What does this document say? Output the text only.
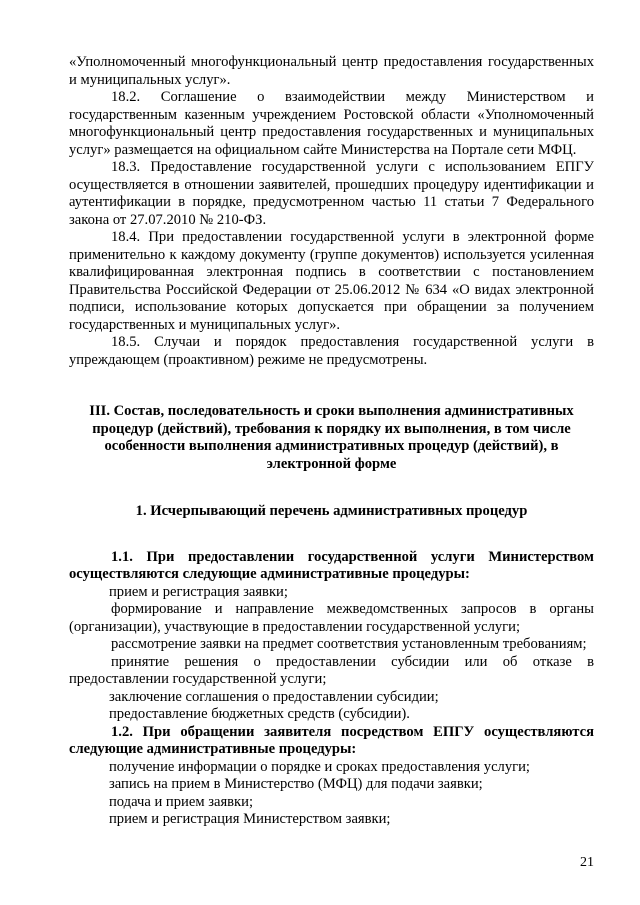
«Уполномоченный многофункциональный центр предоставления государственных и муниципальных услуг».

18.2. Соглашение о взаимодействии между Министерством и государственным казенным учреждением Ростовской области «Уполномоченный многофункциональный центр предоставления государственных и муниципальных услуг» размещается на официальном сайте Министерства на Портале сети МФЦ.

18.3. Предоставление государственной услуги с использованием ЕПГУ осуществляется в отношении заявителей, прошедших процедуру идентификации и аутентификации в порядке, предусмотренном частью 11 статьи 7 Федерального закона от 27.07.2010 № 210-ФЗ.

18.4. При предоставлении государственной услуги в электронной форме применительно к каждому документу (группе документов) используется усиленная квалифицированная электронная подпись в соответствии с постановлением Правительства Российской Федерации от 25.06.2012 № 634 «О видах электронной подписи, использование которых допускается при обращении за получением государственных и муниципальных услуг».

18.5. Случаи и порядок предоставления государственной услуги в упреждающем (проактивном) режиме не предусмотрены.

III. Состав, последовательность и сроки выполнения административных процедур (действий), требования к порядку их выполнения, в том числе особенности выполнения административных процедур (действий), в электронной форме
1. Исчерпывающий перечень административных процедур

1.1. При предоставлении государственной услуги Министерством осуществляются следующие административные процедуры:

прием и регистрация заявки;

формирование и направление межведомственных запросов в органы (организации), участвующие в предоставлении государственной услуги;

рассмотрение заявки на предмет соответствия установленным требованиям;

принятие решения о предоставлении субсидии или об отказе в предоставлении государственной услуги;

заключение соглашения о предоставлении субсидии;

предоставление бюджетных средств (субсидии).

1.2. При обращении заявителя посредством ЕПГУ осуществляются следующие административные процедуры:

получение информации о порядке и сроках предоставления услуги;

запись на прием в Министерство (МФЦ) для подачи заявки;

подача и прием заявки;

прием и регистрация Министерством заявки;

21
